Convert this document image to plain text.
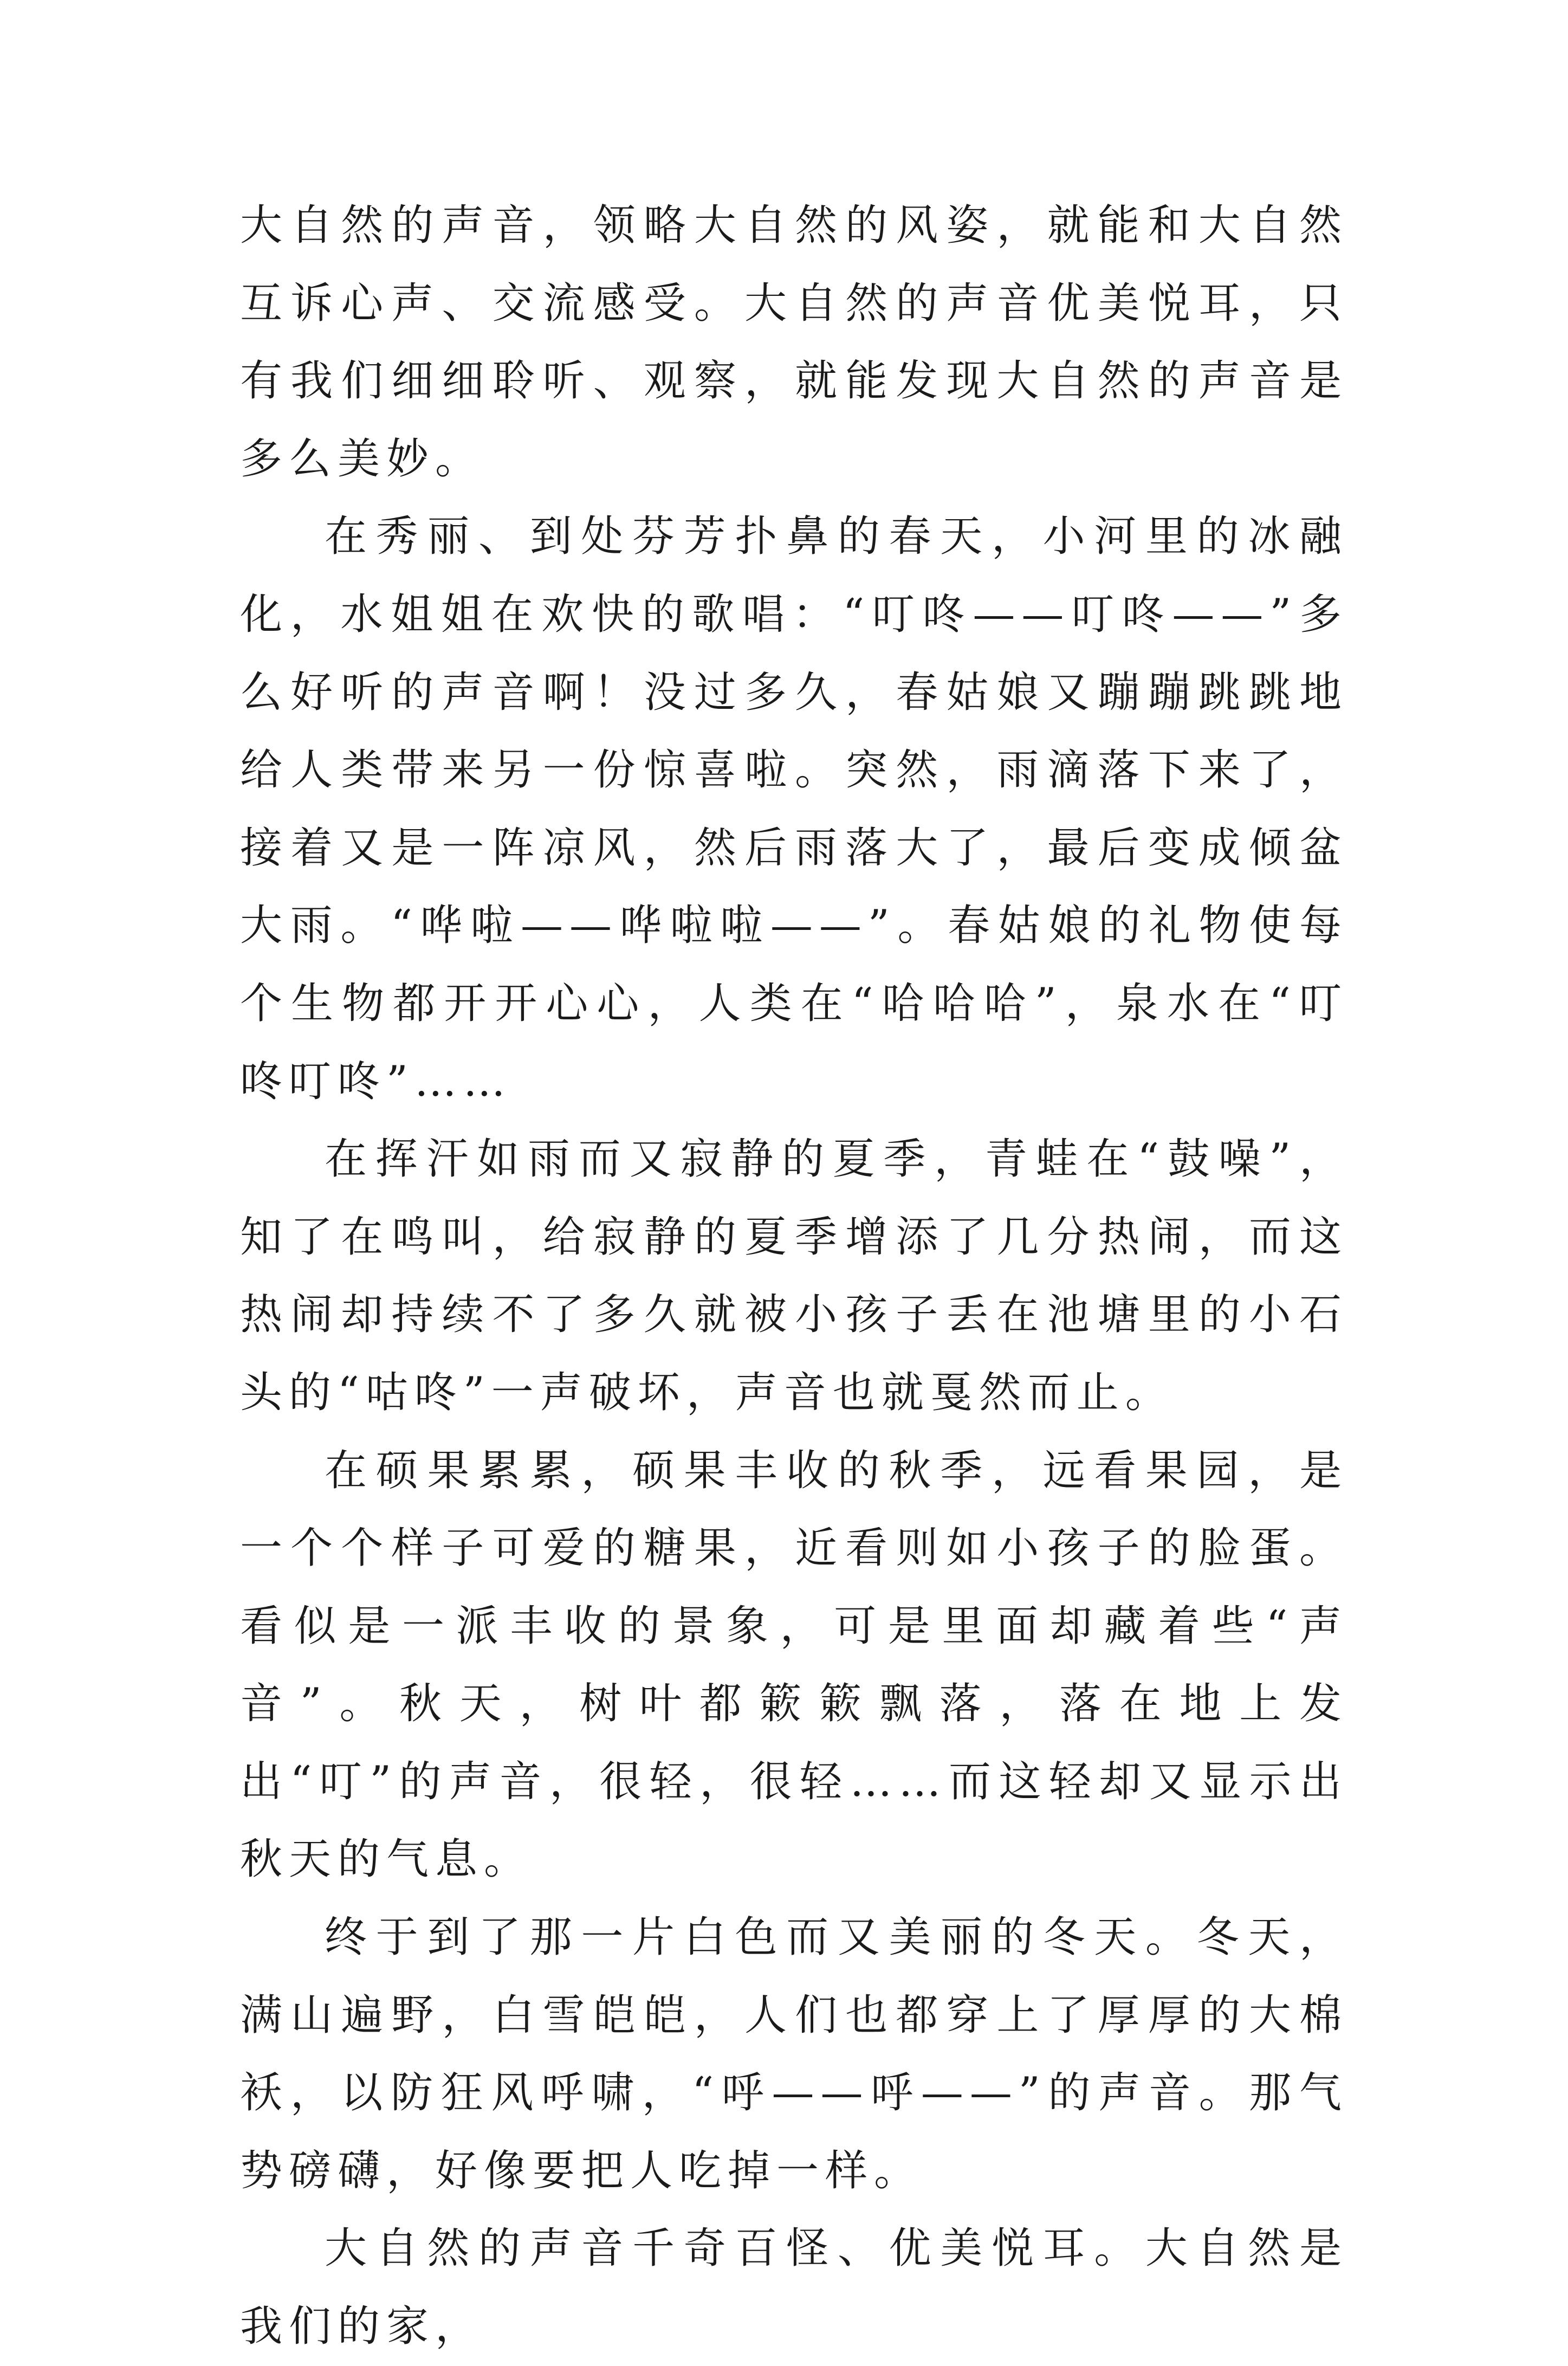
大自然的声音，领略大自然的风姿，就能和大自然互诉心声、交流感受。大自然的声音优美悦耳，只有我们细细聆听、观察，就能发现大自然的声音是多么美妙。

在秀丽、到处芬芳扑鼻的春天，小河里的冰融化，水姐姐在欢快的歌唱：“叮咚——叮咚——”多么好听的声音啊！没过多久，春姑娘又蹦蹦跳跳地给人类带来另一份惊喜啦。突然，雨滴落下来了，接着又是一阵凉风，然后雨落大了，最后变成倾盆大雨。“哗啦——哗啦啦——”。春姑娘的礼物使每个生物都开开心心，人类在“哈哈哈”，泉水在“叮咚叮咚”……

在挥汗如雨而又寂静的夏季，青蛙在“鼓噪”，知了在鸣叫，给寂静的夏季增添了几分热闹，而这热闹却持续不了多久就被小孩子丢在池塘里的小石头的“咕咚”一声破坏，声音也就戛然而止。

在硕果累累，硕果丰收的秋季，远看果园，是一个个样子可爱的糖果，近看则如小孩子的脸蛋。看似是一派丰收的景象，可是里面却藏着些“声音”。秋天，树叶都簌簌飘落，落在地上发出“叮”的声音，很轻，很轻……而这轻却又显示出秋天的气息。

终于到了那一片白色而又美丽的冬天。冬天，满山遍野，白雪皑皑，人们也都穿上了厚厚的大棉袄，以防狂风呼啸，“呼——呼——”的声音。那气势磅礴，好像要把人吃掉一样。

大自然的声音千奇百怪、优美悦耳。大自然是我们的家，
